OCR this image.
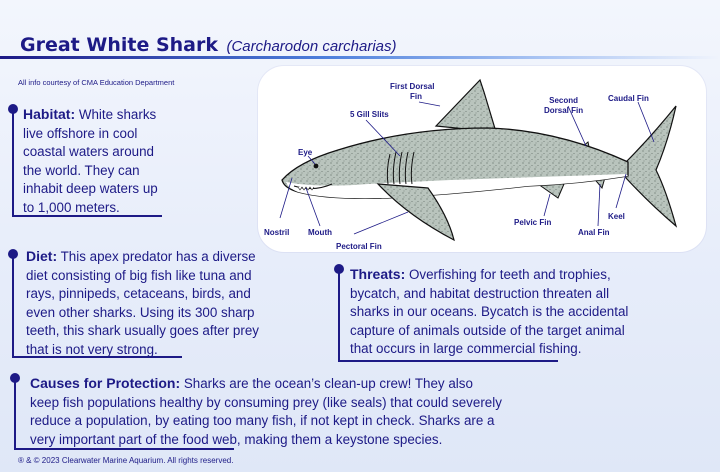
Great White Shark (Carcharodon carcharias)
All info courtesy of CMA Education Department	First Dorsal
Fin	Second
Dorsal Fin
Caudal Fin
5 Gill Slits
Eye
Nostril Mouth
Pectoral Fin
Pelvic Fin
Anal Fin
Keel
Habitat: White sharks
live offshore in cool
coastal waters around
the world. They can
inhabit deep waters up
to 1,000 meters.
Diet: This apex predator has a diverse
diet consisting of big fish like tuna and
rays, pinnipeds, cetaceans, birds, and
even other sharks. Using its 300 sharp
teeth, this shark usually goes after prey
that is not very strong.
Threats: Overfishing for teeth and trophies,
bycatch, and habitat destruction threaten all
sharks in our oceans. Bycatch is the accidental
capture of animals outside of the target animal
that occurs in large commercial fishing.
Causes for Protection: Sharks are the ocean’s clean-up crew! They also
keep fish populations healthy by consuming prey (like seals) that could severely
reduce a population, by eating too many fish, if not kept in check. Sharks are a
very important part of the food web, making them a keystone species.
® & © 2023 Clearwater Marine Aquarium. All rights reserved.
